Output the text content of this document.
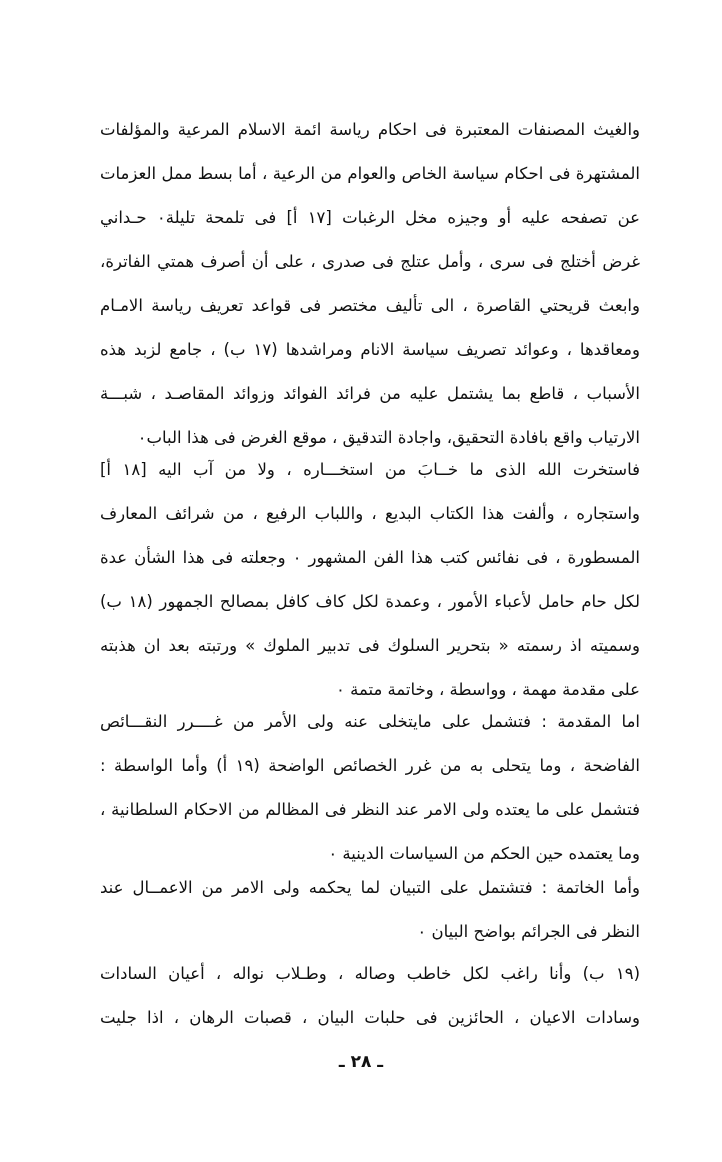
والغيث المصنفات المعتبرة فى احكام رياسة ائمة الاسلام المرعية والمؤلفات
المشتهرة فى احكام سياسة الخاص والعوام من الرعية ، أما بسط ممل العزمات
عن تصفحه عليه أو وجيزه مخل الرغبات [١٧ أ] فى تلمحة تليلة٠ حـداني
غرض أختلج فى سرى ، وأمل عتلج فى صدرى ، على أن أصرف همتي الفاترة،
وابعث قريحتي القاصرة ، الى تأليف مختصر فى قواعد تعريف رياسة الامـام
ومعاقدها ، وعوائد تصريف سياسة الانام ومراشدها (١٧ ب) ، جامع لزبد هذه
الأسباب ، قاطع بما يشتمل عليه من فرائد الفوائد وزوائد المقاصـد ، شبـــة
الارتياب واقع بافادة التحقيق، واجادة التدقيق ، موقع الغرض فى هذا الباب٠
فاستخرت الله الذى ما خــابَ من استخـــاره ، ولا من آب اليه [١٨ أ]
واستجاره ، وألفت هذا الكتاب البديع ، واللباب الرفيع ، من شرائف المعارف
المسطورة ، فى نفائس كتب هذا الفن المشهور ٠ وجعلته فى هذا الشأن عدة
لكل حام حامل لأعباء الأمور ، وعمدة لكل كاف كافل بمصالح الجمهور (١٨ ب)
وسميته اذ رسمته « بتحرير السلوك فى تدبير الملوك » ورتبته بعد ان هذبته
على مقدمة مهمة ، وواسطة ، وخاتمة متمة ٠
اما المقدمة : فتشمل على مايتخلى عنه ولى الأمر من غــــرر النقـــائص
الفاضحة ، وما يتحلى به من غرر الخصائص الواضحة (١٩ أ) وأما الواسطة :
فتشمل على ما يعتده ولى الامر عند النظر فى المظالم من الاحكام السلطانية ،
وما يعتمده حين الحكم من السياسات الدينية ٠
وأما الخاتمة : فتشتمل على التبيان لما يحكمه ولى الامر من الاعمــال عند
النظر فى الجرائم بواضح البيان ٠
(١٩ ب) وأنا راغب لكل خاطب وصاله ، وطـلاب نواله ، أعيان السادات
وسادات الاعيان ، الحائزين فى حلبات البيان ، قصبات الرهان ، اذا جليت
ـ ٢٨ ـ
